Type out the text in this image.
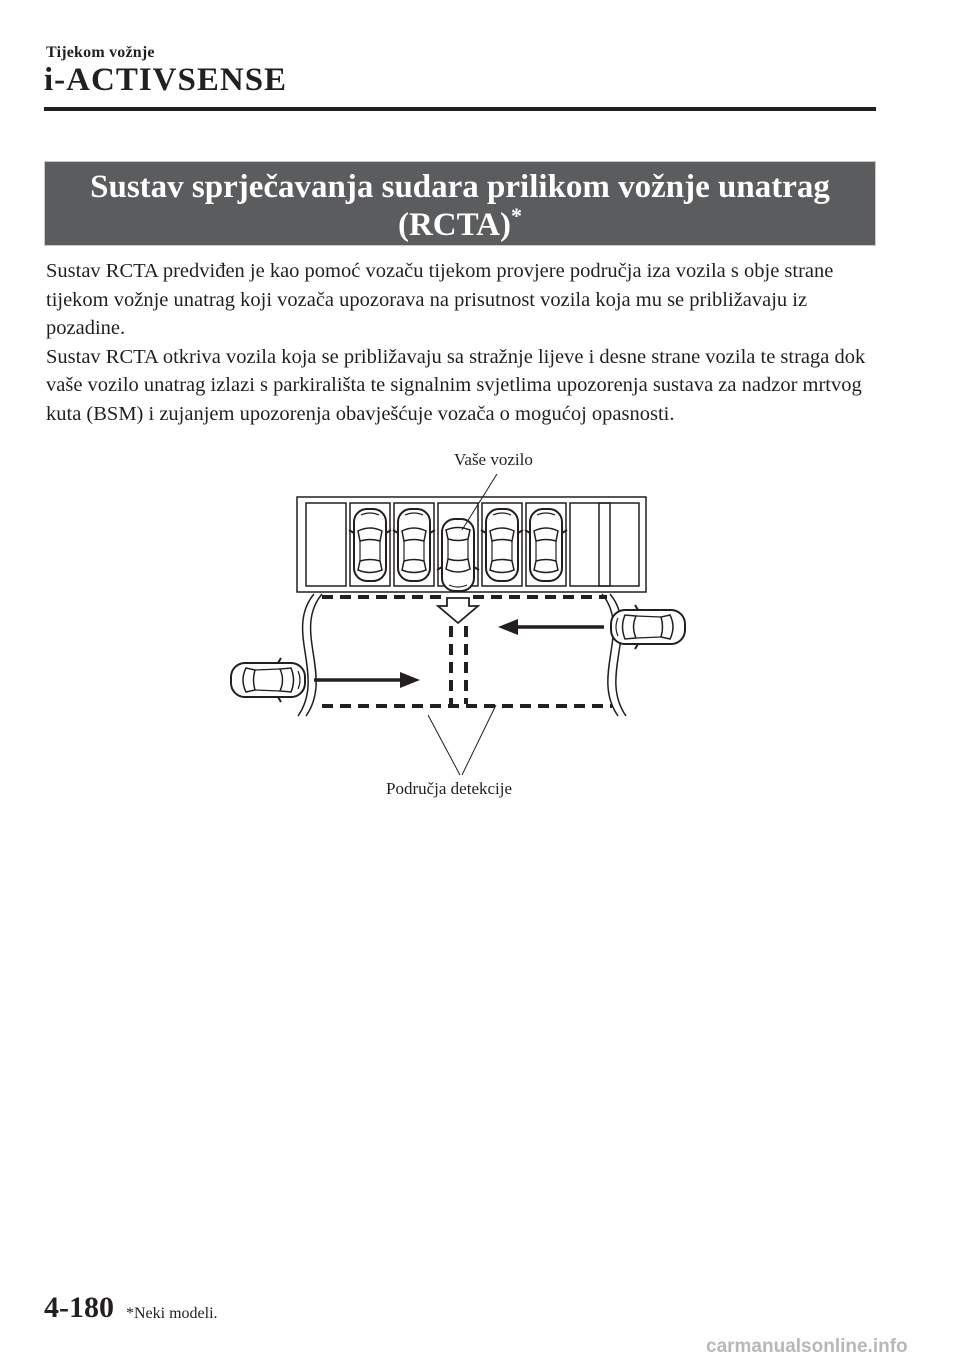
Tijekom vožnje
i-ACTIVSENSE
Sustav sprječavanja sudara prilikom vožnje unatrag
(RCTA)*

Sustav RCTA predviđen je kao pomoć vozaču tijekom provjere područja iza vozila s obje strane tijekom vožnje unatrag koji vozača upozorava na prisutnost vozila koja mu se približavaju iz pozadine.

Sustav RCTA otkriva vozila koja se približavaju sa stražnje lijeve i desne strane vozila te straga dok vaše vozilo unatrag izlazi s parkirališta te signalnim svjetlima upozorenja sustava za nadzor mrtvog kuta (BSM) i zujanjem upozorenja obavješćuje vozača o mogućoj opasnosti.

Vaše vozilo
Područja detekcije
4-180 *Neki modeli.
carmanualsonline.info
